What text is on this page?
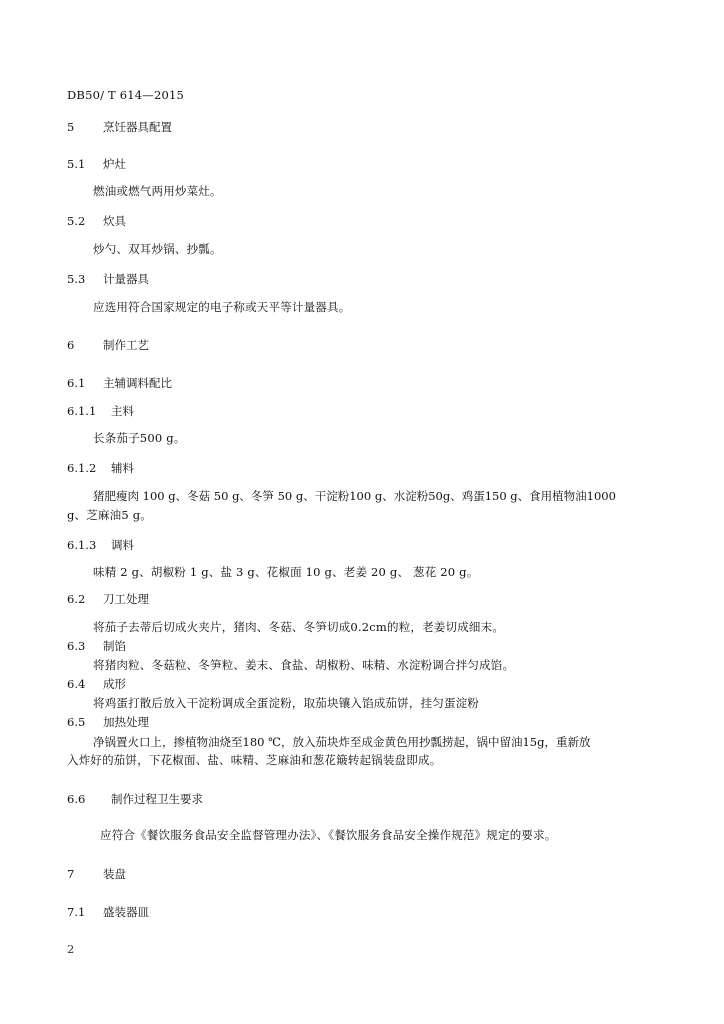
DB50/ T 614—2015
5 烹饪器具配置
5.1 炉灶
燃油或燃气两用炒菜灶。
5.2 炊具
炒勺、双耳炒锅、抄瓢。
5.3 计量器具
应选用符合国家规定的电子称或天平等计量器具。
6 制作工艺
6.1 主辅调料配比
6.1.1 主料
长条茄子500 g。
6.1.2 辅料
猪肥瘦肉 100 g、冬菇 50 g、冬笋 50 g、干淀粉100 g、水淀粉50g、鸡蛋150 g、食用植物油1000
g、芝麻油5 g。
6.1.3 调料
味精 2 g、胡椒粉 1 g、盐 3 g、花椒面 10 g、老姜 20 g、 葱花 20 g。
6.2 刀工处理
将茄子去蒂后切成火夹片，猪肉、冬菇、冬笋切成0.2cm的粒，老姜切成细末。
6.3 制馅
将猪肉粒、冬菇粒、冬笋粒、姜末、食盐、胡椒粉、味精、水淀粉调合拌匀成馅。
6.4 成形
将鸡蛋打散后放入干淀粉调成全蛋淀粉，取茄块镶入馅成茄饼，挂匀蛋淀粉
6.5 加热处理
净锅置火口上，掺植物油烧至180 ℃，放入茄块炸至成金黄色用抄瓢捞起，锅中留油15g，重新放
入炸好的茄饼，下花椒面、盐、味精、芝麻油和葱花簸转起锅装盘即成。
6.6 制作过程卫生要求
应符合《餐饮服务食品安全监督管理办法》、《餐饮服务食品安全操作规范》规定的要求。
7 装盘
7.1 盛装器皿
2
